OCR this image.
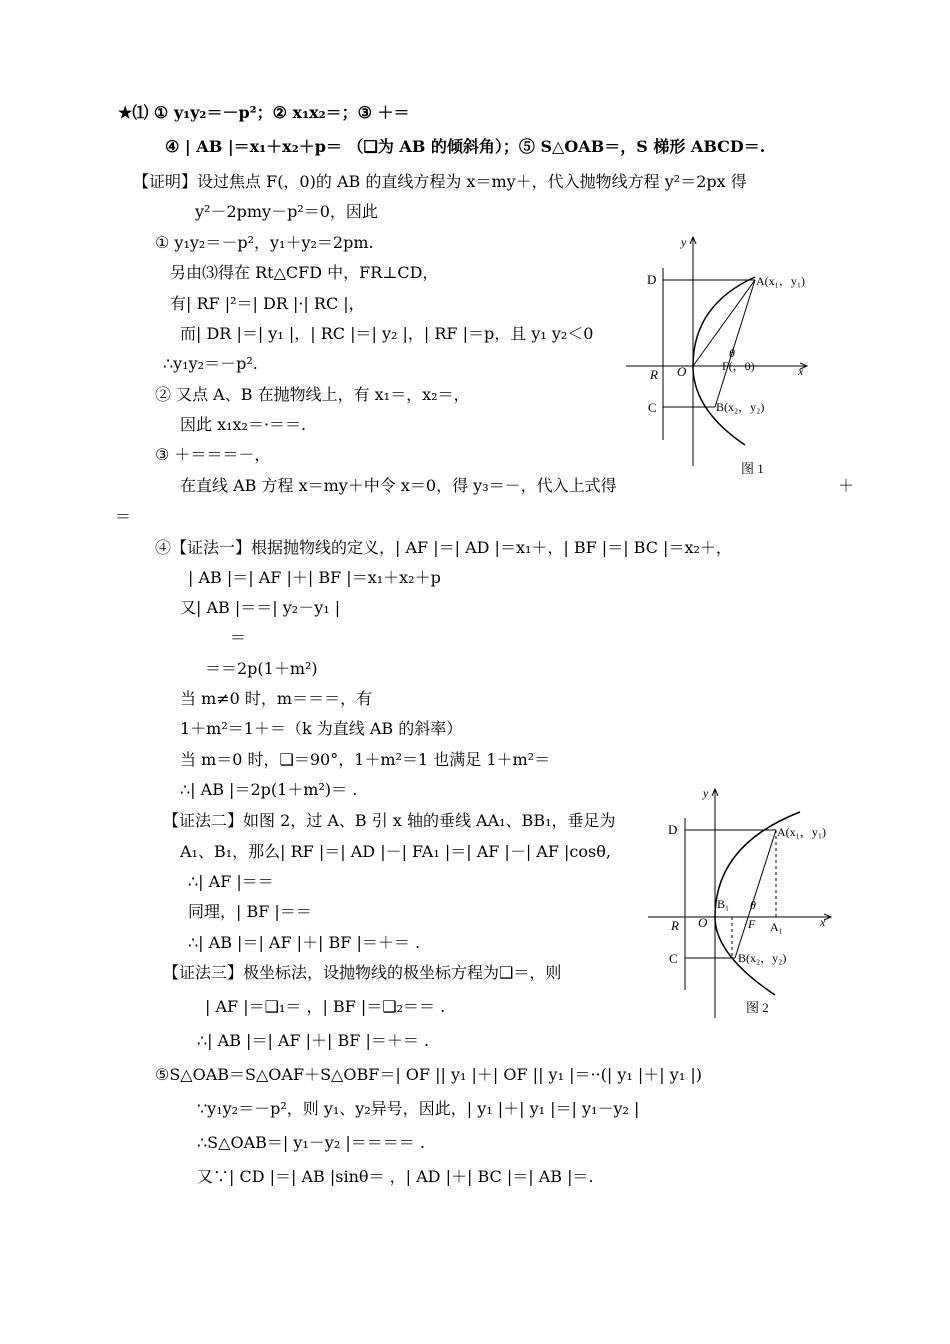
★⑴ ① y₁y₂＝－p²；② x₁x₂＝；③ ＋＝
④ | AB |＝x₁＋x₂＋p＝ （❑为 AB 的倾斜角）；⑤ S△OAB＝，S 梯形 ABCD＝.
【证明】设过焦点 F(，0)的 AB 的直线方程为 x＝my＋，代入抛物线方程 y²＝2px 得
y²－2pmy－p²＝0，因此
① y₁y₂＝－p²，y₁＋y₂＝2pm.
另由⑶得在 Rt△CFD 中，FR⊥CD，
有| RF |²＝| DR |·| RC |，
而| DR |＝| y₁ |，| RC |＝| y₂ |，| RF |＝p，且 y₁ y₂＜0
∴y₁y₂＝－p².
② 又点 A、B 在抛物线上，有 x₁＝，x₂＝，
因此 x₁x₂＝·＝＝.
③ ＋＝＝＝－，
在直线 AB 方程 x＝my＋中令 x＝0，得 y₃＝－，代入上式得	＋
＝
④【证法一】根据抛物线的定义，| AF |＝| AD |＝x₁＋，| BF |＝| BC |＝x₂＋，
| AB |＝| AF |＋| BF |＝x₁＋x₂＋p
又| AB |＝＝| y₂－y₁ |
＝
＝＝2p(1＋m²)
当 m≠0 时，m＝＝＝，有
1＋m²＝1＋＝（k 为直线 AB 的斜率）
当 m＝0 时，❑＝90°，1＋m²＝1 也满足 1＋m²＝
∴| AB |＝2p(1＋m²)＝ .
【证法二】如图 2，过 A、B 引 x 轴的垂线 AA₁、BB₁，垂足为
A₁、B₁，那么| RF |＝| AD |－| FA₁ |＝| AF |－| AF |cosθ,
∴| AF |＝＝
同理，| BF |＝＝
∴| AB |＝| AF |＋| BF |＝＋＝ .
【证法三】极坐标法，设抛物线的极坐标方程为❑＝，则
| AF |＝❑₁＝ ，| BF |＝❑₂＝＝ .
∴| AB |＝| AF |＋| BF |＝＋＝ .
⑤S△OAB＝S△OAF＋S△OBF＝| OF || y₁ |＋| OF || y₁ |＝··(| y₁ |＋| y₁ |)
∵y₁y₂＝－p²，则 y₁、y₂异号，因此，| y₁ |＋| y₁ |＝| y₁－y₂ |
∴S△OAB＝| y₁－y₂ |＝＝＝＝ .
又∵| CD |＝| AB |sinθ＝ ，| AD |＋| BC |＝| AB |＝.
y
x
D	A(x₁，y₁)
θ
F(，0)
R O
C	B(x₂，y₂)
图 1
y
x
D	A(x₁，y₁)
B₁ θ
R O	F A₁
C	B(x₂，y₂)
图 2
